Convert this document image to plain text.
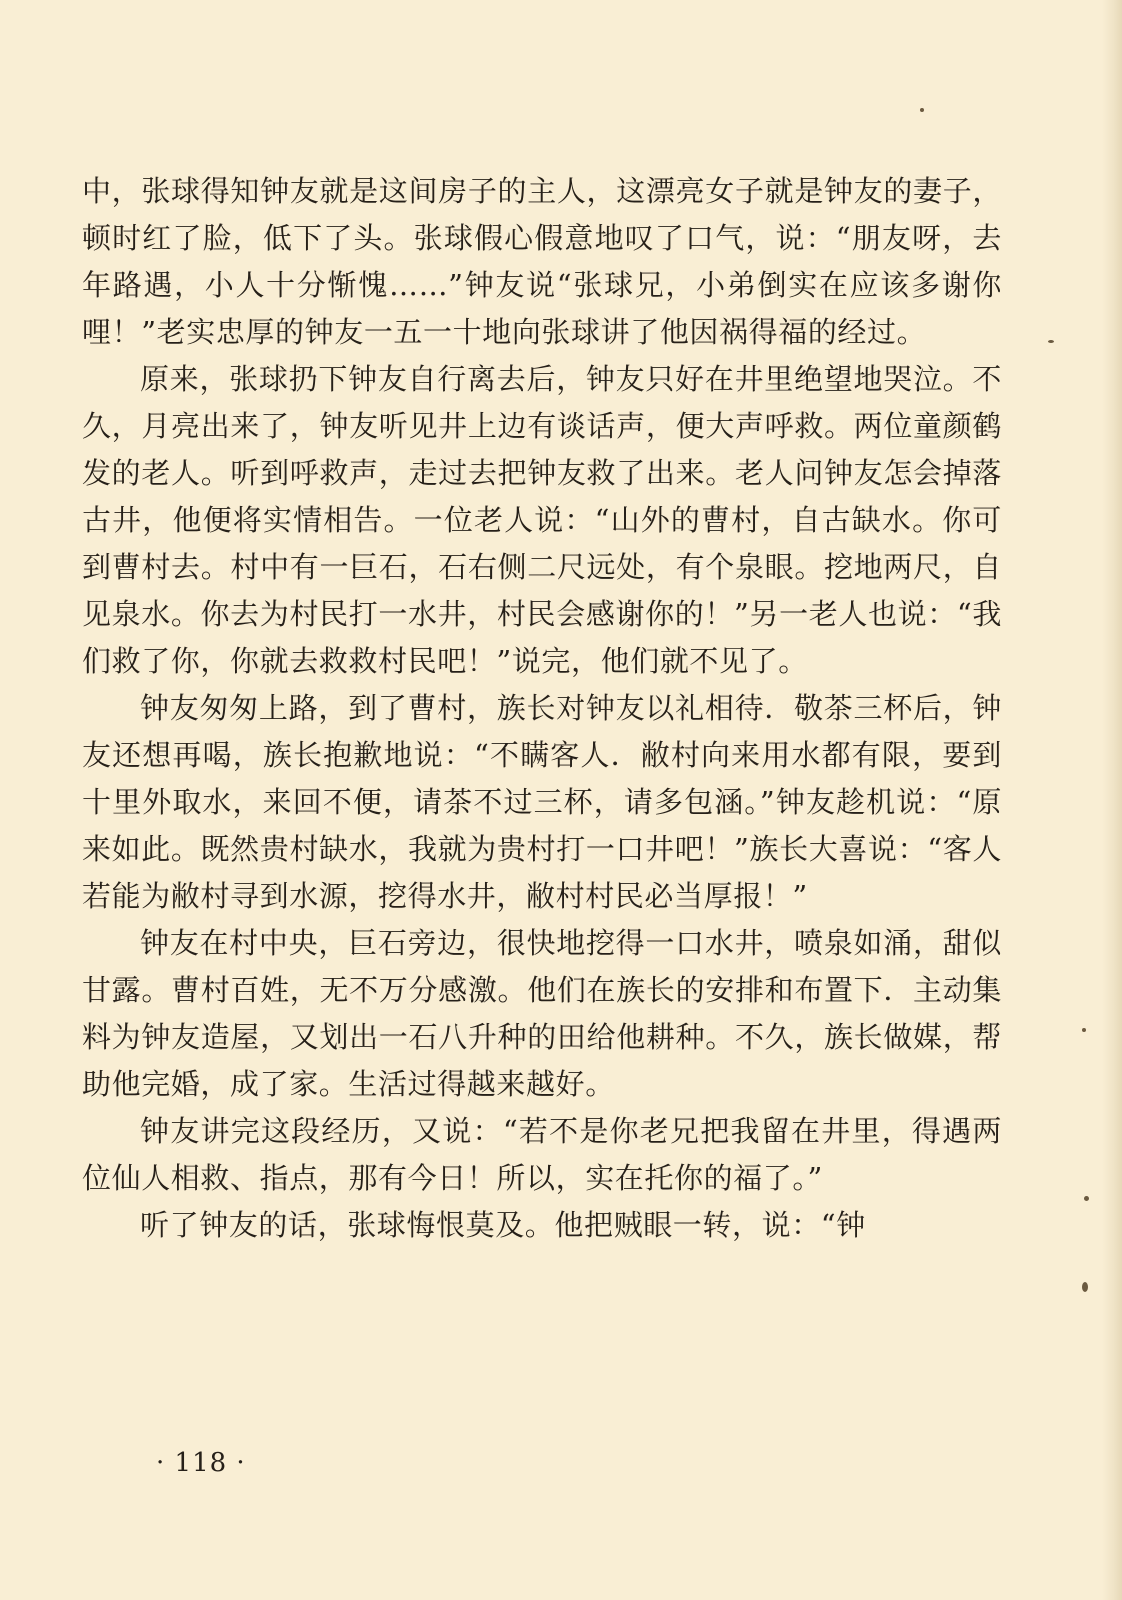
中，张球得知钟友就是这间房子的主人，这漂亮女子就是钟友的妻子，顿时红了脸，低下了头。张球假心假意地叹了口气，说：“朋友呀，去年路遇，小人十分惭愧……”钟友说“张球兄，小弟倒实在应该多谢你哩！”老实忠厚的钟友一五一十地向张球讲了他因祸得福的经过。

原来，张球扔下钟友自行离去后，钟友只好在井里绝望地哭泣。不久，月亮出来了，钟友听见井上边有谈话声，便大声呼救。两位童颜鹤发的老人。听到呼救声，走过去把钟友救了出来。老人问钟友怎会掉落古井，他便将实情相告。一位老人说：“山外的曹村，自古缺水。你可到曹村去。村中有一巨石，石右侧二尺远处，有个泉眼。挖地两尺，自见泉水。你去为村民打一水井，村民会感谢你的！”另一老人也说：“我们救了你，你就去救救村民吧！”说完，他们就不见了。

钟友匆匆上路，到了曹村，族长对钟友以礼相待．敬茶三杯后，钟友还想再喝，族长抱歉地说：“不瞒客人．敝村向来用水都有限，要到十里外取水，来回不便，请茶不过三杯，请多包涵。”钟友趁机说：“原来如此。既然贵村缺水，我就为贵村打一口井吧！”族长大喜说：“客人若能为敝村寻到水源，挖得水井，敝村村民必当厚报！”

钟友在村中央，巨石旁边，很快地挖得一口水井，喷泉如涌，甜似甘露。曹村百姓，无不万分感激。他们在族长的安排和布置下．主动集料为钟友造屋，又划出一石八升种的田给他耕种。不久，族长做媒，帮助他完婚，成了家。生活过得越来越好。

钟友讲完这段经历，又说：“若不是你老兄把我留在井里，得遇两位仙人相救、指点，那有今日！所以，实在托你的福了。”

听了钟友的话，张球悔恨莫及。他把贼眼一转，说：“钟

· 118 ·
